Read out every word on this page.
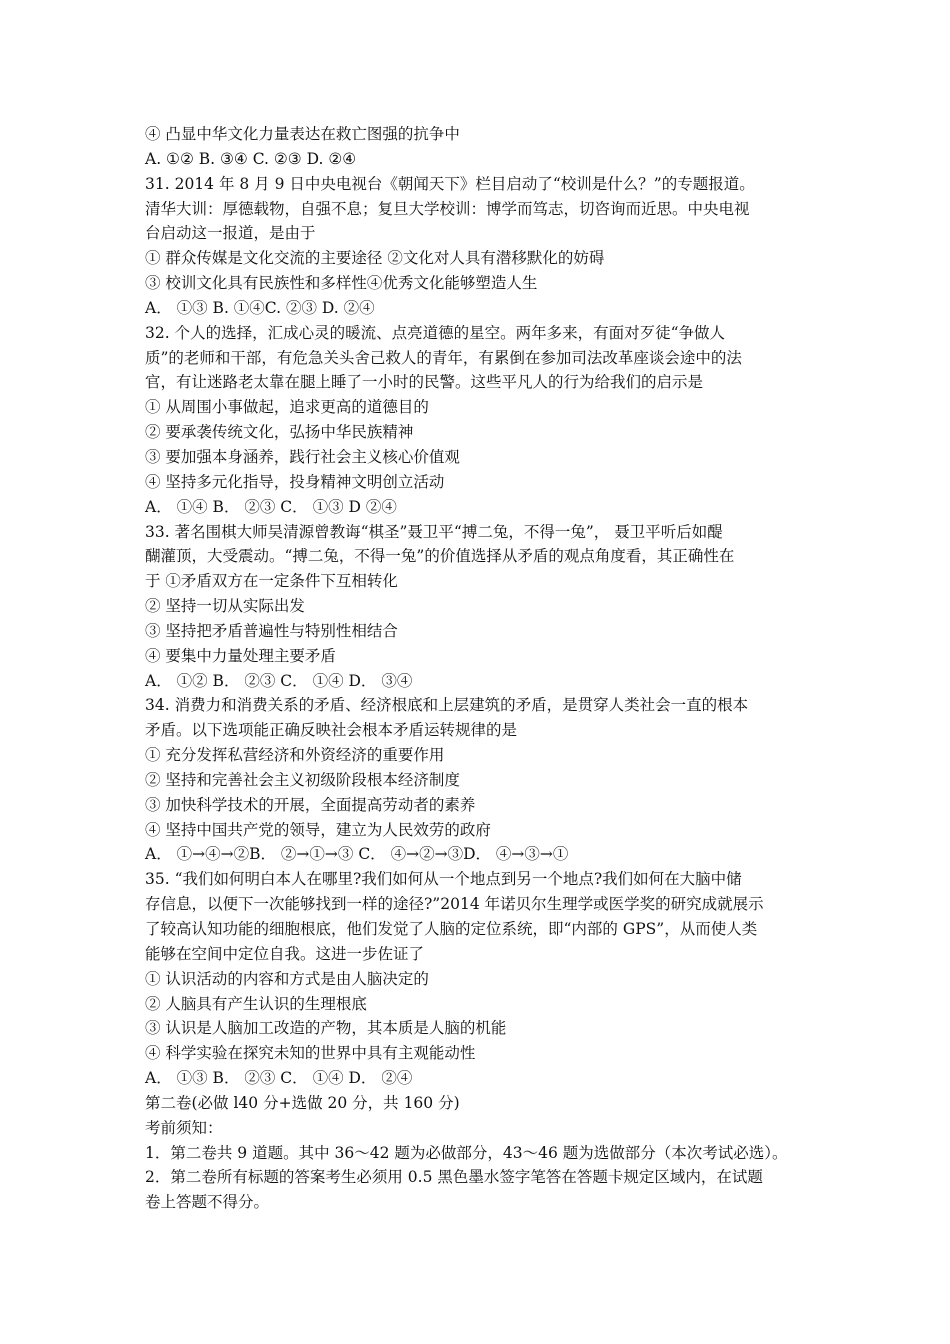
④ 凸显中华文化力量表达在救亡图强的抗争中
A. ①② B. ③④ C. ②③ D. ②④
31. 2014 年 8 月 9 日中央电视台《朝闻天下》栏目启动了“校训是什么？”的专题报道。
清华大训：厚德载物，自强不息；复旦大学校训：博学而笃志，切咨询而近思。中央电视
台启动这一报道，是由于
① 群众传媒是文化交流的主要途径 ②文化对人具有潜移默化的妨碍
③ 校训文化具有民族性和多样性④优秀文化能够塑造人生
A． ①③ B. ①④C. ②③ D. ②④
32. 个人的选择，汇成心灵的暖流、点亮道德的星空。两年多来，有面对歹徒“争做人
质”的老师和干部，有危急关头舍己救人的青年，有累倒在参加司法改革座谈会途中的法
官，有让迷路老太靠在腿上睡了一小时的民警。这些平凡人的行为给我们的启示是
① 从周围小事做起，追求更高的道德目的
② 要承袭传统文化，弘扬中华民族精神
③ 要加强本身涵养，践行社会主义核心价值观
④ 坚持多元化指导，投身精神文明创立活动
A． ①④ B． ②③ C． ①③ D ②④
33. 著名围棋大师吴清源曾教诲“棋圣”聂卫平“搏二兔，不得一兔”， 聂卫平听后如醍
醐灌顶，大受震动。“搏二兔，不得一兔”的价值选择从矛盾的观点角度看，其正确性在
于 ①矛盾双方在一定条件下互相转化
② 坚持一切从实际出发
③ 坚持把矛盾普遍性与特别性相结合
④ 要集中力量处理主要矛盾
A． ①② B． ②③ C． ①④ D． ③④
34. 消费力和消费关系的矛盾、经济根底和上层建筑的矛盾，是贯穿人类社会一直的根本
矛盾。以下选项能正确反映社会根本矛盾运转规律的是
① 充分发挥私营经济和外资经济的重要作用
② 坚持和完善社会主义初级阶段根本经济制度
③ 加快科学技术的开展，全面提高劳动者的素养
④ 坚持中国共产党的领导，建立为人民效劳的政府
A． ①→④→②B． ②→①→③ C． ④→②→③D． ④→③→①
35. “我们如何明白本人在哪里?我们如何从一个地点到另一个地点?我们如何在大脑中储
存信息，以便下一次能够找到一样的途径?”2014 年诺贝尔生理学或医学奖的研究成就展示
了较高认知功能的细胞根底，他们发觉了人脑的定位系统，即“内部的 GPS”，从而使人类
能够在空间中定位自我。这进一步佐证了
① 认识活动的内容和方式是由人脑决定的
② 人脑具有产生认识的生理根底
③ 认识是人脑加工改造的产物，其本质是人脑的机能
④ 科学实验在探究未知的世界中具有主观能动性
A． ①③ B． ②③ C． ①④ D． ②④
第二卷(必做 l40 分+选做 20 分，共 160 分)
考前须知：
1．第二卷共 9 道题。其中 36～42 题为必做部分，43～46 题为选做部分（本次考试必选）。
2．第二卷所有标题的答案考生必须用 0.5 黑色墨水签字笔答在答题卡规定区域内，在试题
卷上答题不得分。
